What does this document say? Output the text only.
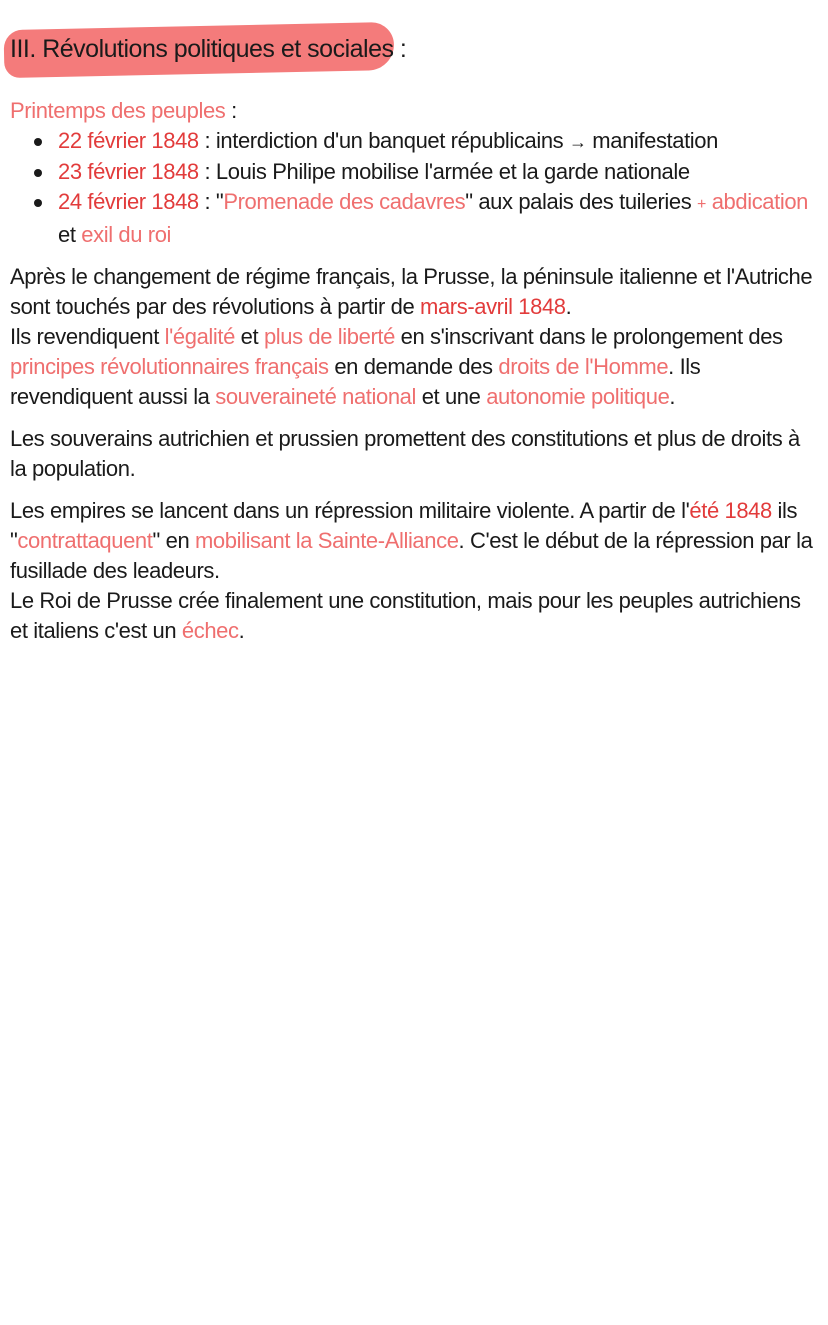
III. Révolutions politiques et sociales :
Printemps des peuples :
22 février 1848 : interdiction d'un banquet républicains → manifestation
23 février 1848 : Louis Philipe mobilise l'armée et la garde nationale
24 février 1848 : "Promenade des cadavres" aux palais des tuileries + abdication
et exil du roi

Après le changement de régime français, la Prusse, la péninsule italienne et l'Autriche sont touchés par des révolutions à partir de mars-avril 1848.

Ils revendiquent l'égalité et plus de liberté en s'inscrivant dans le prolongement des principes révolutionnaires français en demande des droits de l'Homme. Ils revendiquent aussi la souveraineté national et une autonomie politique.

Les souverains autrichien et prussien promettent des constitutions et plus de droits à la population.

Les empires se lancent dans un répression militaire violente. A partir de l'été 1848 ils "contrattaquent" en mobilisant la Sainte-Alliance. C'est le début de la répression par la fusillade des leadeurs.

Le Roi de Prusse crée finalement une constitution, mais pour les peuples autrichiens et italiens c'est un échec.
